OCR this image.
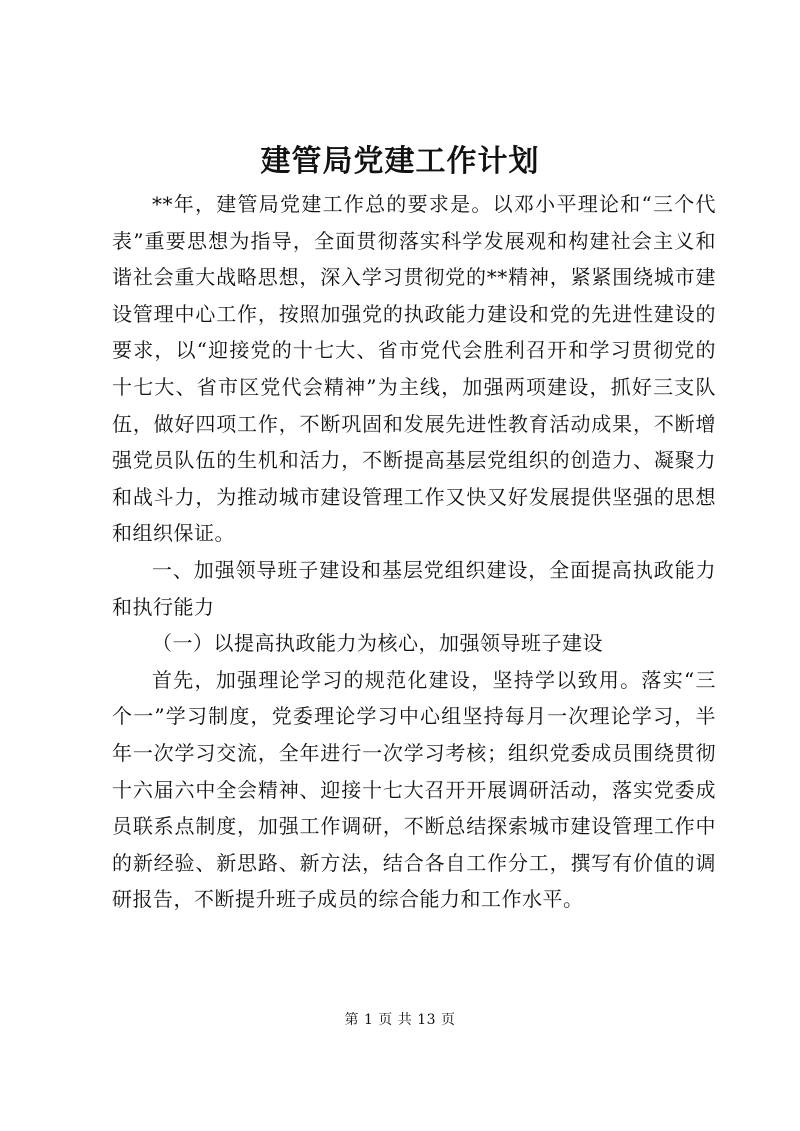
建管局党建工作计划

**年，建管局党建工作总的要求是。以邓小平理论和“三个代表”重要思想为指导，全面贯彻落实科学发展观和构建社会主义和谐社会重大战略思想，深入学习贯彻党的**精神，紧紧围绕城市建设管理中心工作，按照加强党的执政能力建设和党的先进性建设的要求，以“迎接党的十七大、省市党代会胜利召开和学习贯彻党的十七大、省市区党代会精神”为主线，加强两项建设，抓好三支队伍，做好四项工作，不断巩固和发展先进性教育活动成果，不断增强党员队伍的生机和活力，不断提高基层党组织的创造力、凝聚力和战斗力，为推动城市建设管理工作又快又好发展提供坚强的思想和组织保证。

一、加强领导班子建设和基层党组织建设，全面提高执政能力和执行能力

（一）以提高执政能力为核心，加强领导班子建设

首先，加强理论学习的规范化建设，坚持学以致用。落实“三个一”学习制度，党委理论学习中心组坚持每月一次理论学习，半年一次学习交流，全年进行一次学习考核；组织党委成员围绕贯彻十六届六中全会精神、迎接十七大召开开展调研活动，落实党委成员联系点制度，加强工作调研，不断总结探索城市建设管理工作中的新经验、新思路、新方法，结合各自工作分工，撰写有价值的调研报告，不断提升班子成员的综合能力和工作水平。

第 1 页 共 13 页
